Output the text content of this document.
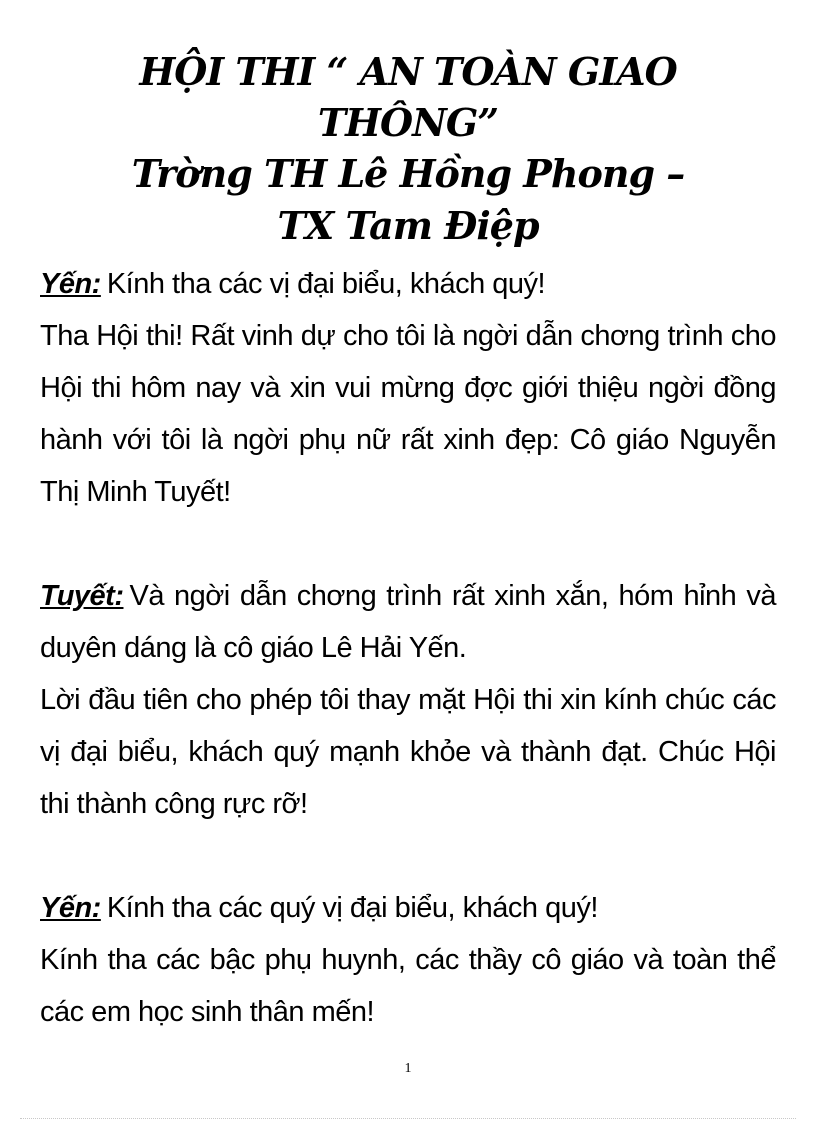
HỘI THI “ AN TOÀN GIAO

THÔNG”

Trờng TH Lê Hồng Phong –

TX Tam Điệp

Yến: Kính tha các vị đại biểu, khách quý!

Tha Hội thi! Rất vinh dự cho tôi là ngời dẫn chơng trình cho Hội thi hôm nay và xin vui mừng đợc giới thiệu ngời đồng hành với tôi là ngời phụ nữ rất xinh đẹp: Cô giáo Nguyễn Thị Minh Tuyết!

Tuyết: Và ngời dẫn chơng trình rất xinh xắn, hóm hỉnh và duyên dáng là cô giáo Lê Hải Yến.

Lời đầu tiên cho phép tôi thay mặt Hội thi xin kính chúc các vị đại biểu, khách quý mạnh khỏe và thành đạt. Chúc Hội thi thành công rực rỡ!

Yến: Kính tha các quý vị đại biểu, khách quý!

Kính tha các bậc phụ huynh, các thầy cô giáo và toàn thể các em học sinh thân mến!

1
